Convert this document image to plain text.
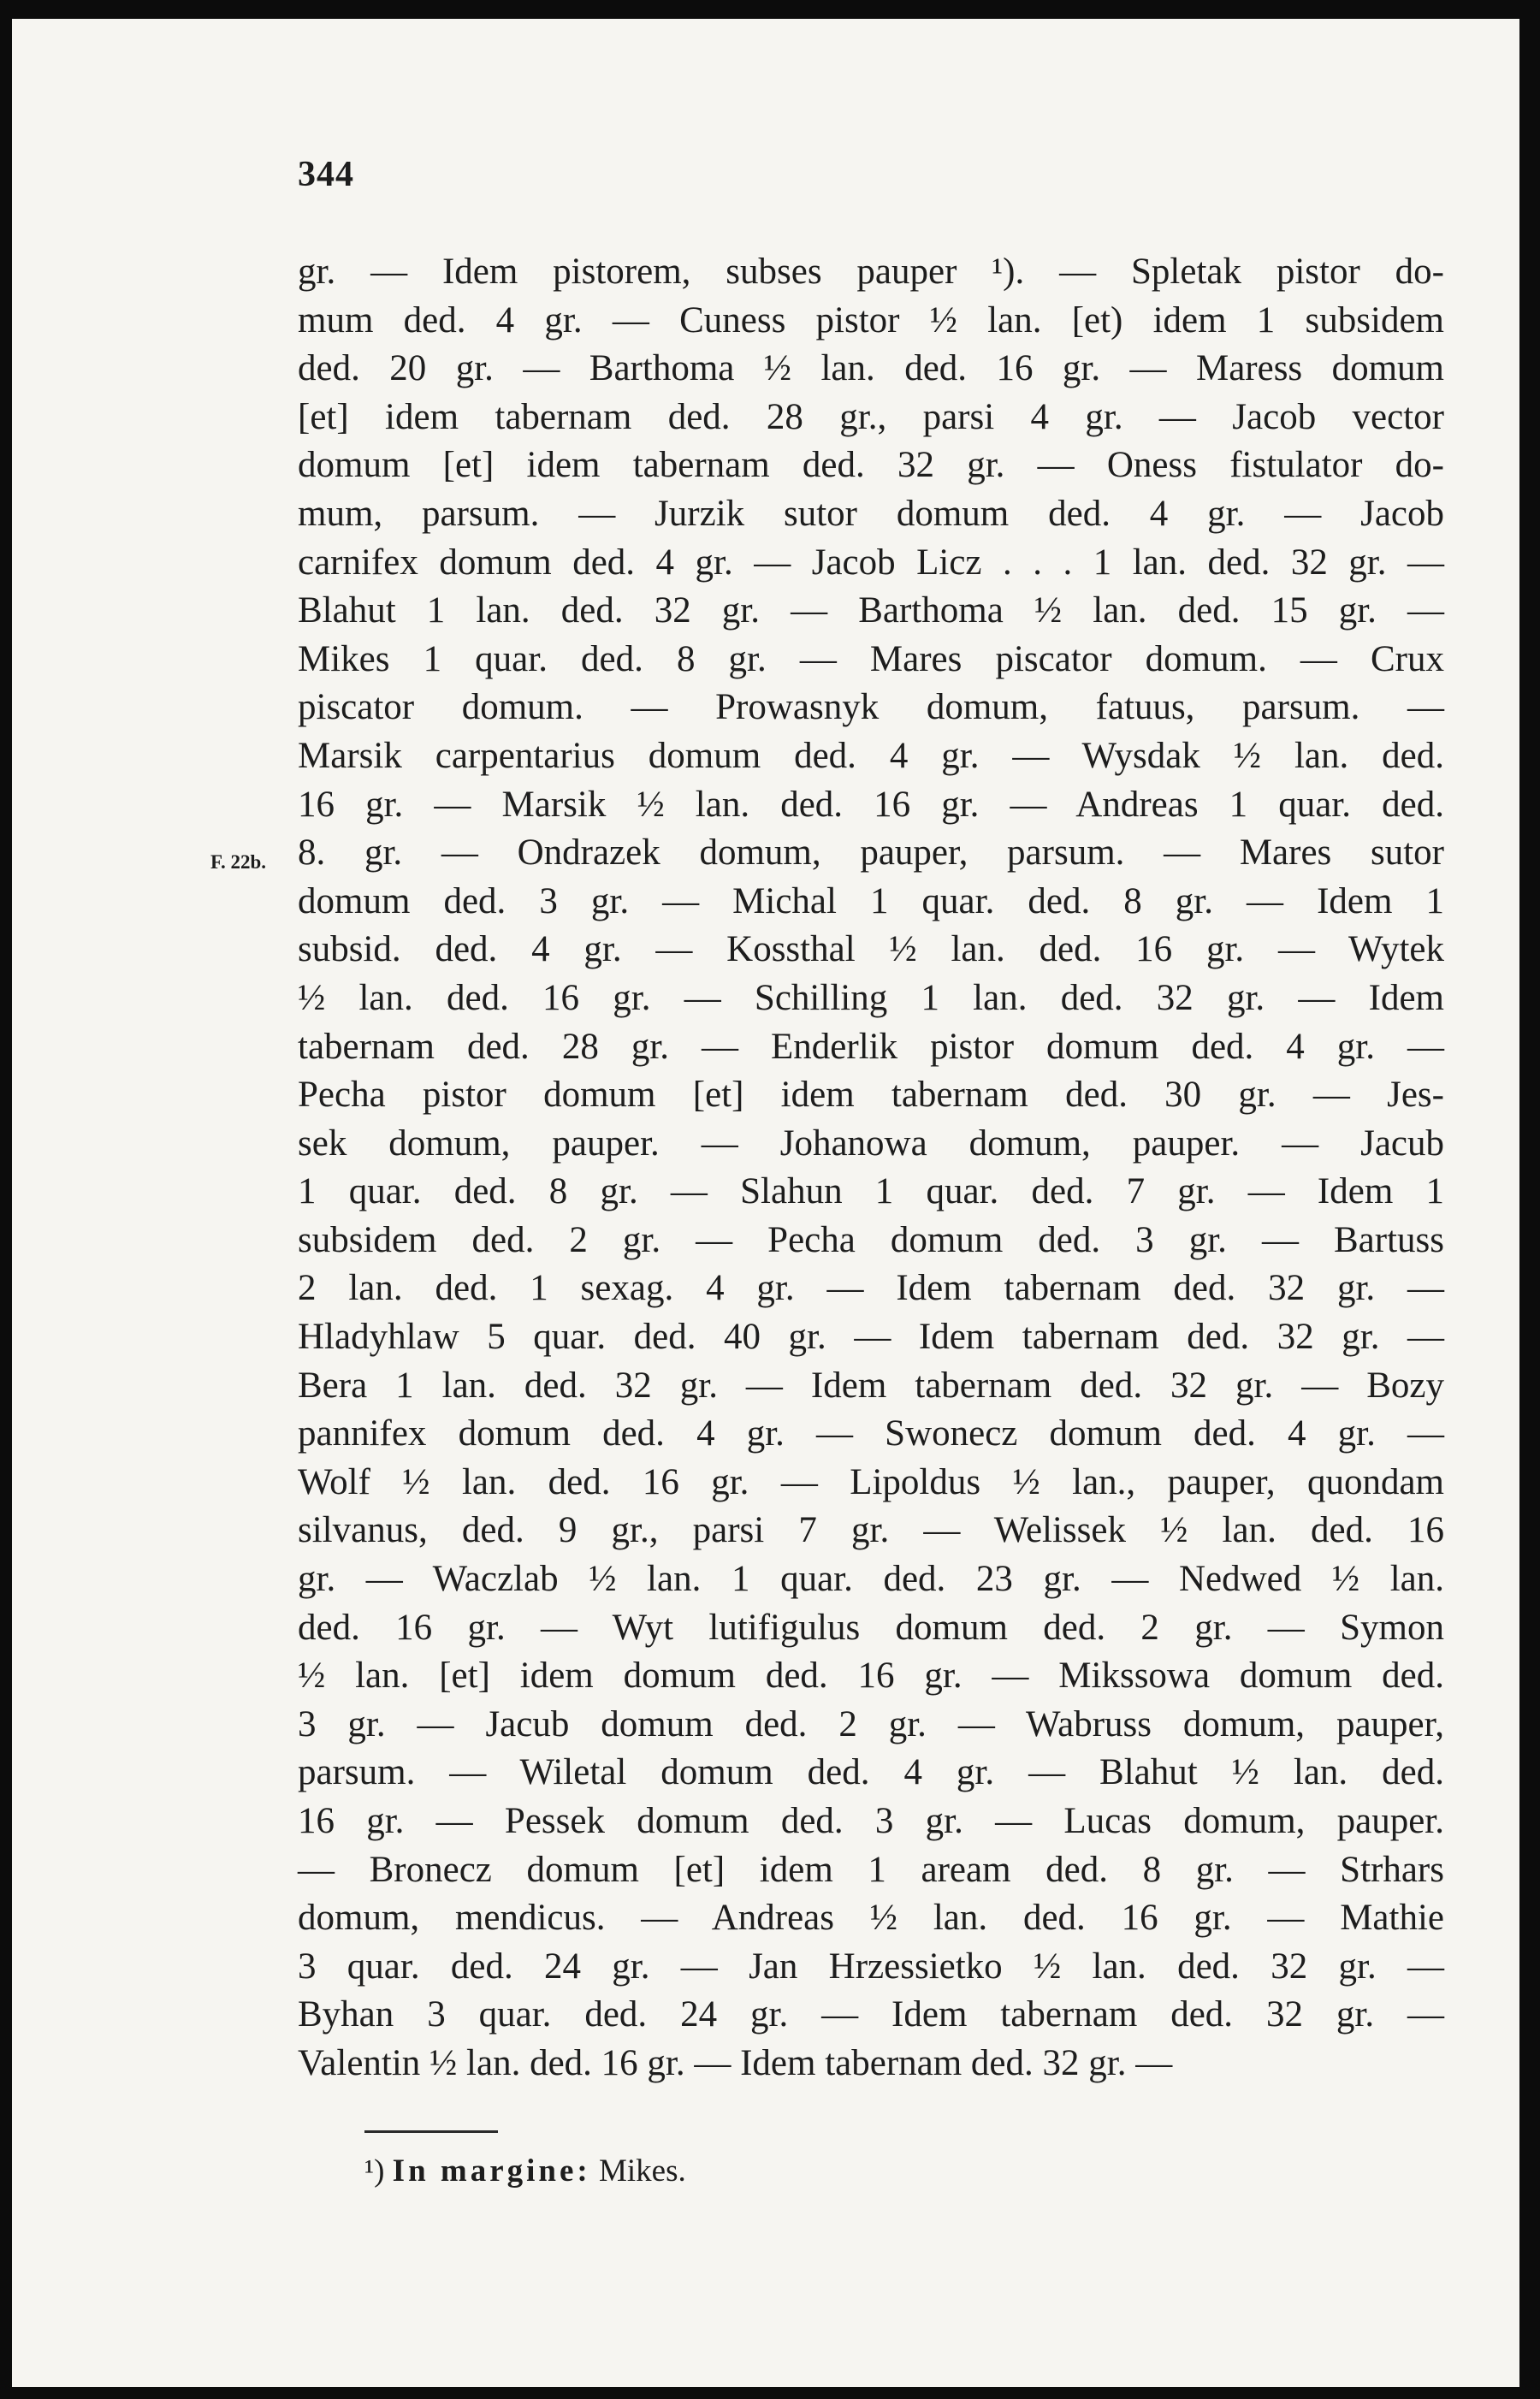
344
F. 22b.
gr. — Idem pistorem, subses pauper ¹). — Spletak pistor do-
mum ded. 4 gr. — Cuness pistor ½ lan. [et) idem 1 subsidem
ded. 20 gr. — Barthoma ½ lan. ded. 16 gr. — Maress domum
[et] idem tabernam ded. 28 gr., parsi 4 gr. — Jacob vector
domum [et] idem tabernam ded. 32 gr. — Oness fistulator do-
mum, parsum. — Jurzik sutor domum ded. 4 gr. — Jacob
carnifex domum ded. 4 gr. — Jacob Licz . . . 1 lan. ded. 32 gr. —
Blahut 1 lan. ded. 32 gr. — Barthoma ½ lan. ded. 15 gr. —
Mikes 1 quar. ded. 8 gr. — Mares piscator domum. — Crux
piscator domum. — Prowasnyk domum, fatuus, parsum. —
Marsik carpentarius domum ded. 4 gr. — Wysdak ½ lan. ded.
16 gr. — Marsik ½ lan. ded. 16 gr. — Andreas 1 quar. ded.
8. gr. — Ondrazek domum, pauper, parsum. — Mares sutor
domum ded. 3 gr. — Michal 1 quar. ded. 8 gr. — Idem 1
subsid. ded. 4 gr. — Kossthal ½ lan. ded. 16 gr. — Wytek
½ lan. ded. 16 gr. — Schilling 1 lan. ded. 32 gr. — Idem
tabernam ded. 28 gr. — Enderlik pistor domum ded. 4 gr. —
Pecha pistor domum [et] idem tabernam ded. 30 gr. — Jes-
sek domum, pauper. — Johanowa domum, pauper. — Jacub
1 quar. ded. 8 gr. — Slahun 1 quar. ded. 7 gr. — Idem 1
subsidem ded. 2 gr. — Pecha domum ded. 3 gr. — Bartuss
2 lan. ded. 1 sexag. 4 gr. — Idem tabernam ded. 32 gr. —
Hladyhlaw 5 quar. ded. 40 gr. — Idem tabernam ded. 32 gr. —
Bera 1 lan. ded. 32 gr. — Idem tabernam ded. 32 gr. — Bozy
pannifex domum ded. 4 gr. — Swonecz domum ded. 4 gr. —
Wolf ½ lan. ded. 16 gr. — Lipoldus ½ lan., pauper, quondam
silvanus, ded. 9 gr., parsi 7 gr. — Welissek ½ lan. ded. 16
gr. — Waczlab ½ lan. 1 quar. ded. 23 gr. — Nedwed ½ lan.
ded. 16 gr. — Wyt lutifigulus domum ded. 2 gr. — Symon
½ lan. [et] idem domum ded. 16 gr. — Mikssowa domum ded.
3 gr. — Jacub domum ded. 2 gr. — Wabruss domum, pauper,
parsum. — Wiletal domum ded. 4 gr. — Blahut ½ lan. ded.
16 gr. — Pessek domum ded. 3 gr. — Lucas domum, pauper.
— Bronecz domum [et] idem 1 aream ded. 8 gr. — Strhars
domum, mendicus. — Andreas ½ lan. ded. 16 gr. — Mathie
3 quar. ded. 24 gr. — Jan Hrzessietko ½ lan. ded. 32 gr. —
Byhan 3 quar. ded. 24 gr. — Idem tabernam ded. 32 gr. —
Valentin ½ lan. ded. 16 gr. — Idem tabernam ded. 32 gr. —
¹) In margine: Mikes.
